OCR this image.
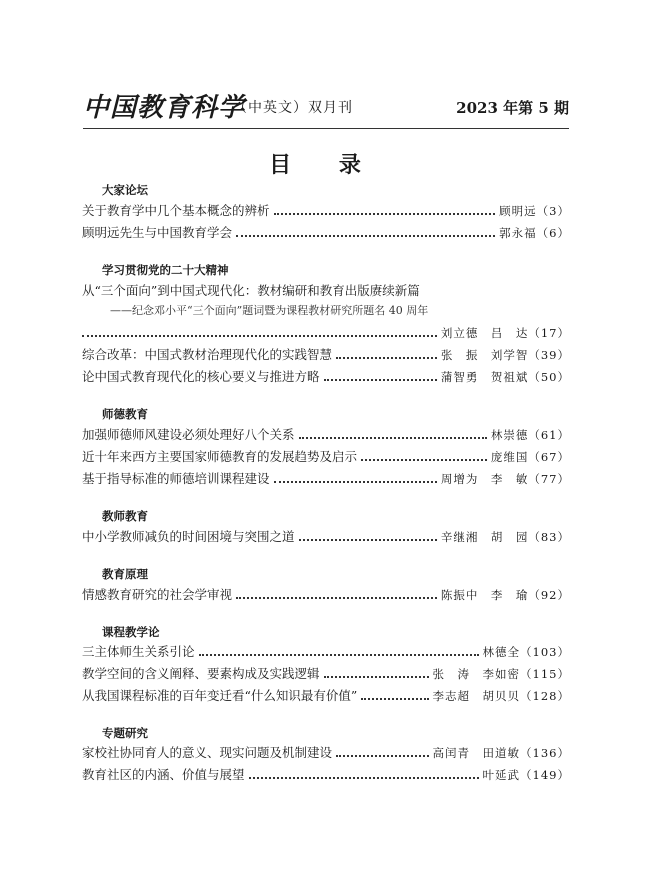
中国教育科学
（中英文）双月刊	2023 年第 5 期
目 录
大家论坛
关于教育学中几个基本概念的辨析	顾明远（3）
顾明远先生与中国教育学会	郭永福（6）
学习贯彻党的二十大精神
从“三个面向”到中国式现代化：教材编研和教育出版赓续新篇
——纪念邓小平“三个面向”题词暨为课程教材研究所题名 40 周年
刘立德　吕　达（17）
综合改革：中国式教材治理现代化的实践智慧	张　振　刘学智（39）
论中国式教育现代化的核心要义与推进方略	蒲智勇　贺祖斌（50）
师德教育
加强师德师风建设必须处理好八个关系	林崇德（61）
近十年来西方主要国家师德教育的发展趋势及启示	庞维国（67）
基于指导标准的师德培训课程建设	周增为　李　敏（77）
教师教育
中小学教师减负的时间困境与突围之道	辛继湘　胡　园（83）
教育原理
情感教育研究的社会学审视	陈振中　李　瑜（92）
课程教学论
三主体师生关系引论	林德全（103）
教学空间的含义阐释、要素构成及实践逻辑	张　涛　李如密（115）
从我国课程标准的百年变迁看“什么知识最有价值”	李志超　胡贝贝（128）
专题研究
家校社协同育人的意义、现实问题及机制建设	高闰青　田道敏（136）
教育社区的内涵、价值与展望	叶延武（149）
